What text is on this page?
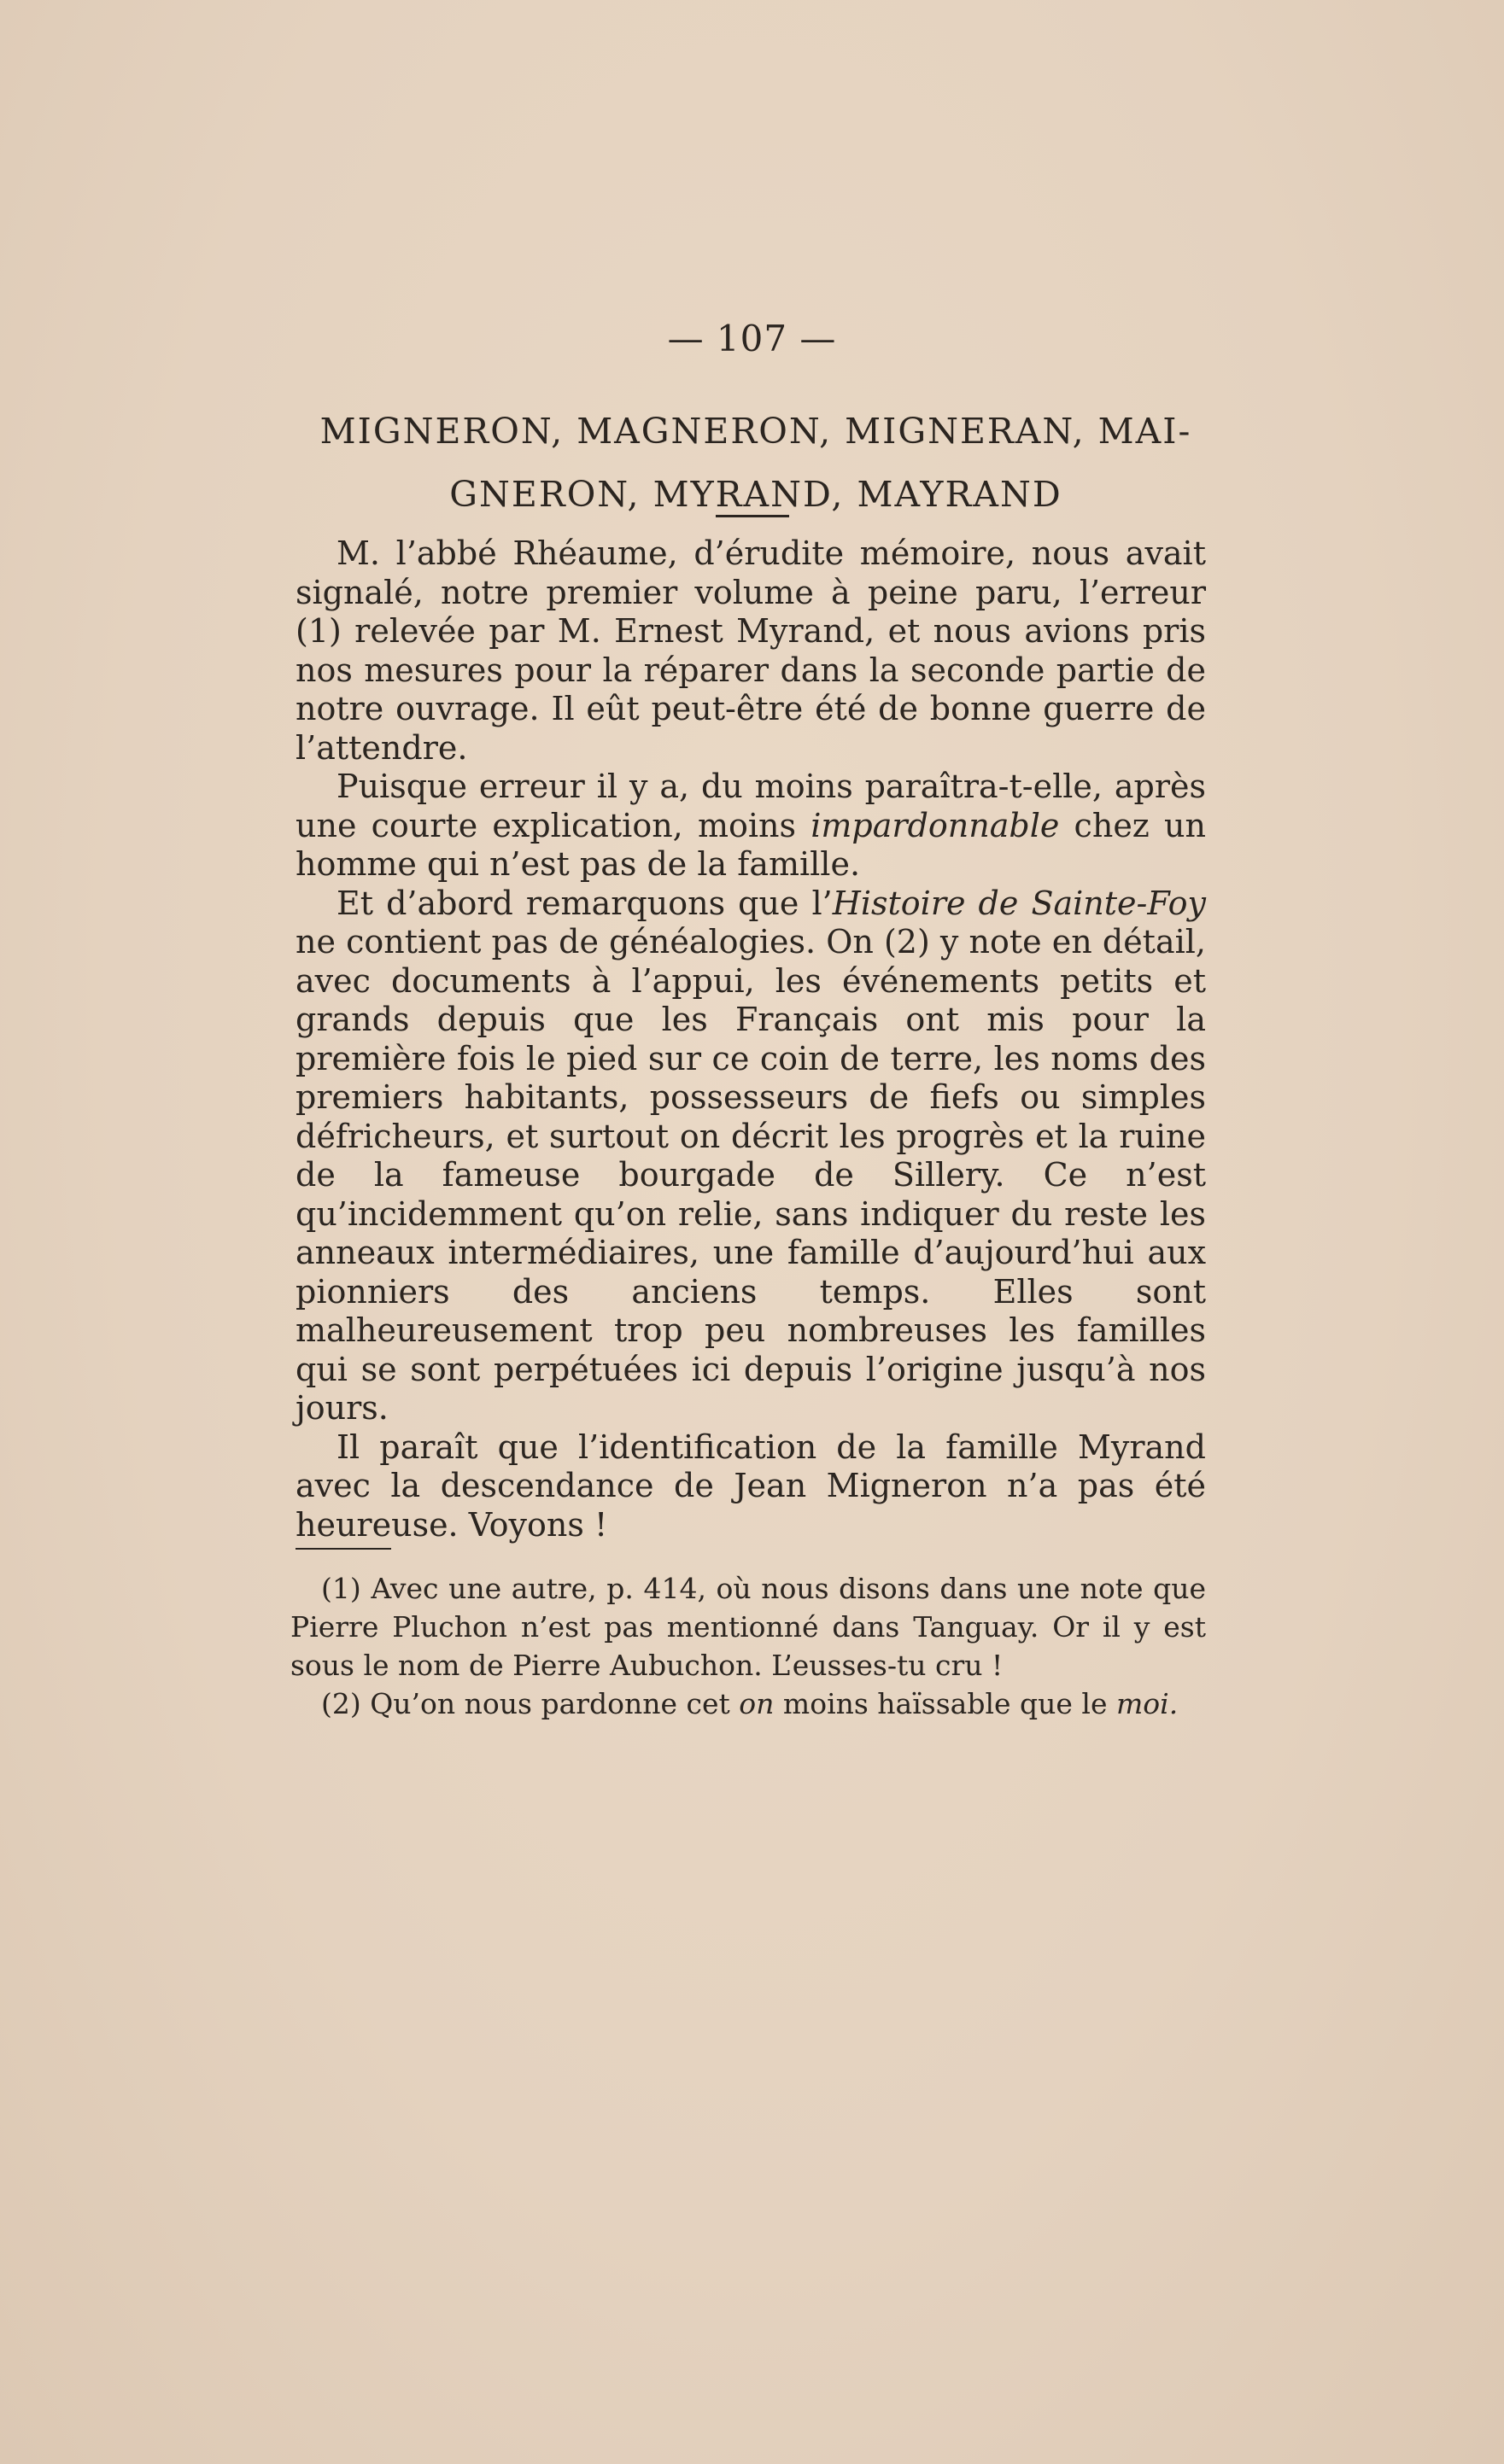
— 107 —
MIGNERON, MAGNERON, MIGNERAN, MAI-GNERON, MYRAND, MAYRAND

M. l’abbé Rhéaume, d’érudite mémoire, nous avait signalé, notre premier volume à peine paru, l’erreur (1) relevée par M. Ernest Myrand, et nous avions pris nos mesures pour la réparer dans la seconde partie de notre ouvrage. Il eût peut-être été de bonne guerre de l’attendre.

Puisque erreur il y a, du moins paraîtra-t-elle, après une courte explication, moins impardonnable chez un homme qui n’est pas de la famille.

Et d’abord remarquons que l’Histoire de Sainte-Foy ne contient pas de généalogies. On (2) y note en détail, avec documents à l’appui, les événements petits et grands depuis que les Français ont mis pour la première fois le pied sur ce coin de terre, les noms des premiers habitants, possesseurs de fiefs ou simples défricheurs, et surtout on décrit les progrès et la ruine de la fameuse bourgade de Sillery. Ce n’est qu’incidemment qu’on relie, sans indiquer du reste les anneaux intermédiaires, une famille d’aujourd’hui aux pionniers des anciens temps. Elles sont malheureusement trop peu nombreuses les familles qui se sont perpétuées ici depuis l’origine jusqu’à nos jours.

Il paraît que l’identification de la famille Myrand avec la descendance de Jean Migneron n’a pas été heureuse. Voyons !

(1) Avec une autre, p. 414, où nous disons dans une note que Pierre Pluchon n’est pas mentionné dans Tanguay. Or il y est sous le nom de Pierre Aubuchon. L’eusses-tu cru !

(2) Qu’on nous pardonne cet on moins haïssable que le moi.
